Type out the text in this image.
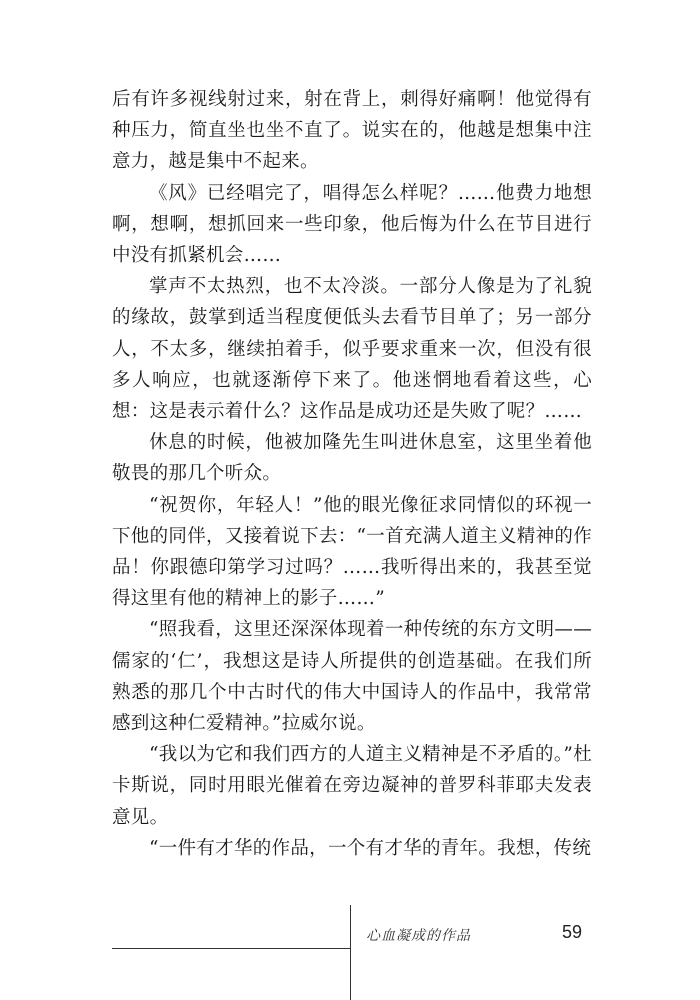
后有许多视线射过来，射在背上，刺得好痛啊！他觉得有种压力，简直坐也坐不直了。说实在的，他越是想集中注意力，越是集中不起来。

《风》已经唱完了，唱得怎么样呢？……他费力地想啊，想啊，想抓回来一些印象，他后悔为什么在节目进行中没有抓紧机会……

掌声不太热烈，也不太冷淡。一部分人像是为了礼貌的缘故，鼓掌到适当程度便低头去看节目单了；另一部分人，不太多，继续拍着手，似乎要求重来一次，但没有很多人响应，也就逐渐停下来了。他迷惘地看着这些，心想：这是表示着什么？这作品是成功还是失败了呢？……

休息的时候，他被加隆先生叫进休息室，这里坐着他敬畏的那几个听众。

“祝贺你，年轻人！”他的眼光像征求同情似的环视一下他的同伴，又接着说下去：“一首充满人道主义精神的作品！你跟德印第学习过吗？……我听得出来的，我甚至觉得这里有他的精神上的影子……”

“照我看，这里还深深体现着一种传统的东方文明——儒家的‘仁’，我想这是诗人所提供的创造基础。在我们所熟悉的那几个中古时代的伟大中国诗人的作品中，我常常感到这种仁爱精神。”拉威尔说。

“我以为它和我们西方的人道主义精神是不矛盾的。”杜卡斯说，同时用眼光催着在旁边凝神的普罗科菲耶夫发表意见。

“一件有才华的作品，一个有才华的青年。我想，传统

心血凝成的作品	59
